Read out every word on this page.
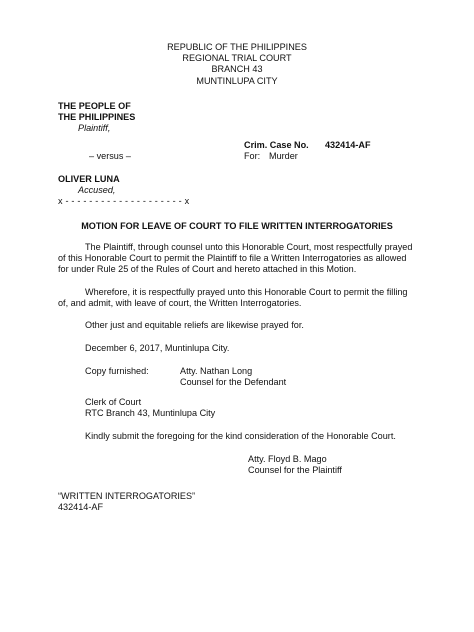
REPUBLIC OF THE PHILIPPINES
REGIONAL TRIAL COURT
BRANCH 43
MUNTINLUPA CITY
THE PEOPLE OF
THE PHILIPPINES
Plaintiff,
Crim. Case No. 432414-AF
– versus –	For: Murder
OLIVER LUNA
Accused,
x - - - - - - - - - - - - - - - - - - - - x
MOTION FOR LEAVE OF COURT TO FILE WRITTEN INTERROGATORIES
The Plaintiff, through counsel unto this Honorable Court, most respectfully prayed
of this Honorable Court to permit the Plaintiff to file a Written Interrogatories as allowed
for under Rule 25 of the Rules of Court and hereto attached in this Motion.
Wherefore, it is respectfully prayed unto this Honorable Court to permit the filling
of, and admit, with leave of court, the Written Interrogatories.
Other just and equitable reliefs are likewise prayed for.
December 6, 2017, Muntinlupa City.
Copy furnished:	Atty. Nathan Long
Counsel for the Defendant
Clerk of Court
RTC Branch 43, Muntinlupa City
Kindly submit the foregoing for the kind consideration of the Honorable Court.
Atty. Floyd B. Mago
Counsel for the Plaintiff
“WRITTEN INTERROGATORIES”
432414-AF
